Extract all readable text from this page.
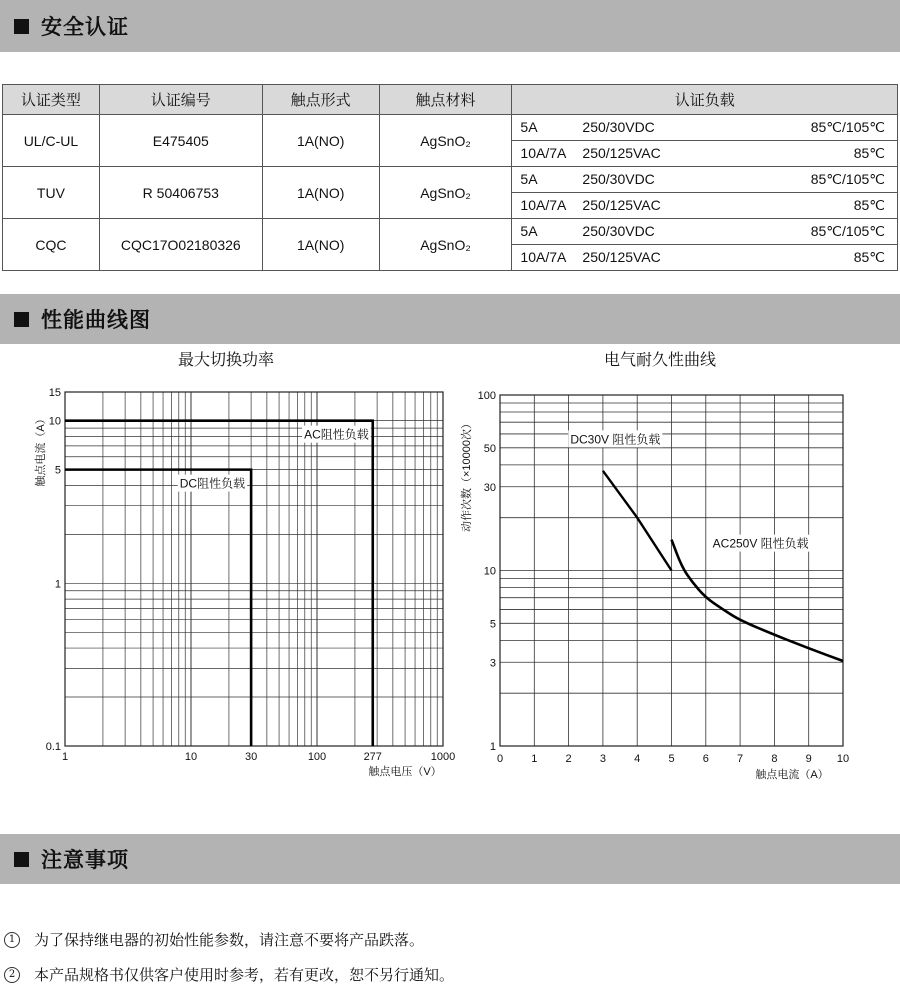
安全认证
认证类型	认证编号	触点形式	触点材料	认证负载
UL/C-UL	E475405	1A(NO)	AgSnO₂	5A 250/30VDC 85℃/105℃

				10A/7A 250/125VAC 85℃

TUV	R 50406753	1A(NO)	AgSnO₂	5A 250/30VDC 85℃/105℃

				10A/7A 250/125VAC 85℃

CQC	CQC17O02180326	1A(NO)	AgSnO₂	5A 250/30VDC 85℃/105℃

				10A/7A 250/125VAC 85℃
性能曲线图
最大切换功率	电气耐久性曲线
1	10	30	100	277	1000
0.1
1
5
10
15
AC阻性负载
DC阻性负载
触点电压（V）
触点电流（A）
0	1	2	3	4	5	6	7	8	9 10
1
3
5
10
30
50
100
DC30V 阻性负载
AC250V 阻性负载
触点电流（A）
动作次数（×10000次）
注意事项
1	为了保持继电器的初始性能参数，请注意不要将产品跌落。
2	本产品规格书仅供客户使用时参考，若有更改，恕不另行通知。
